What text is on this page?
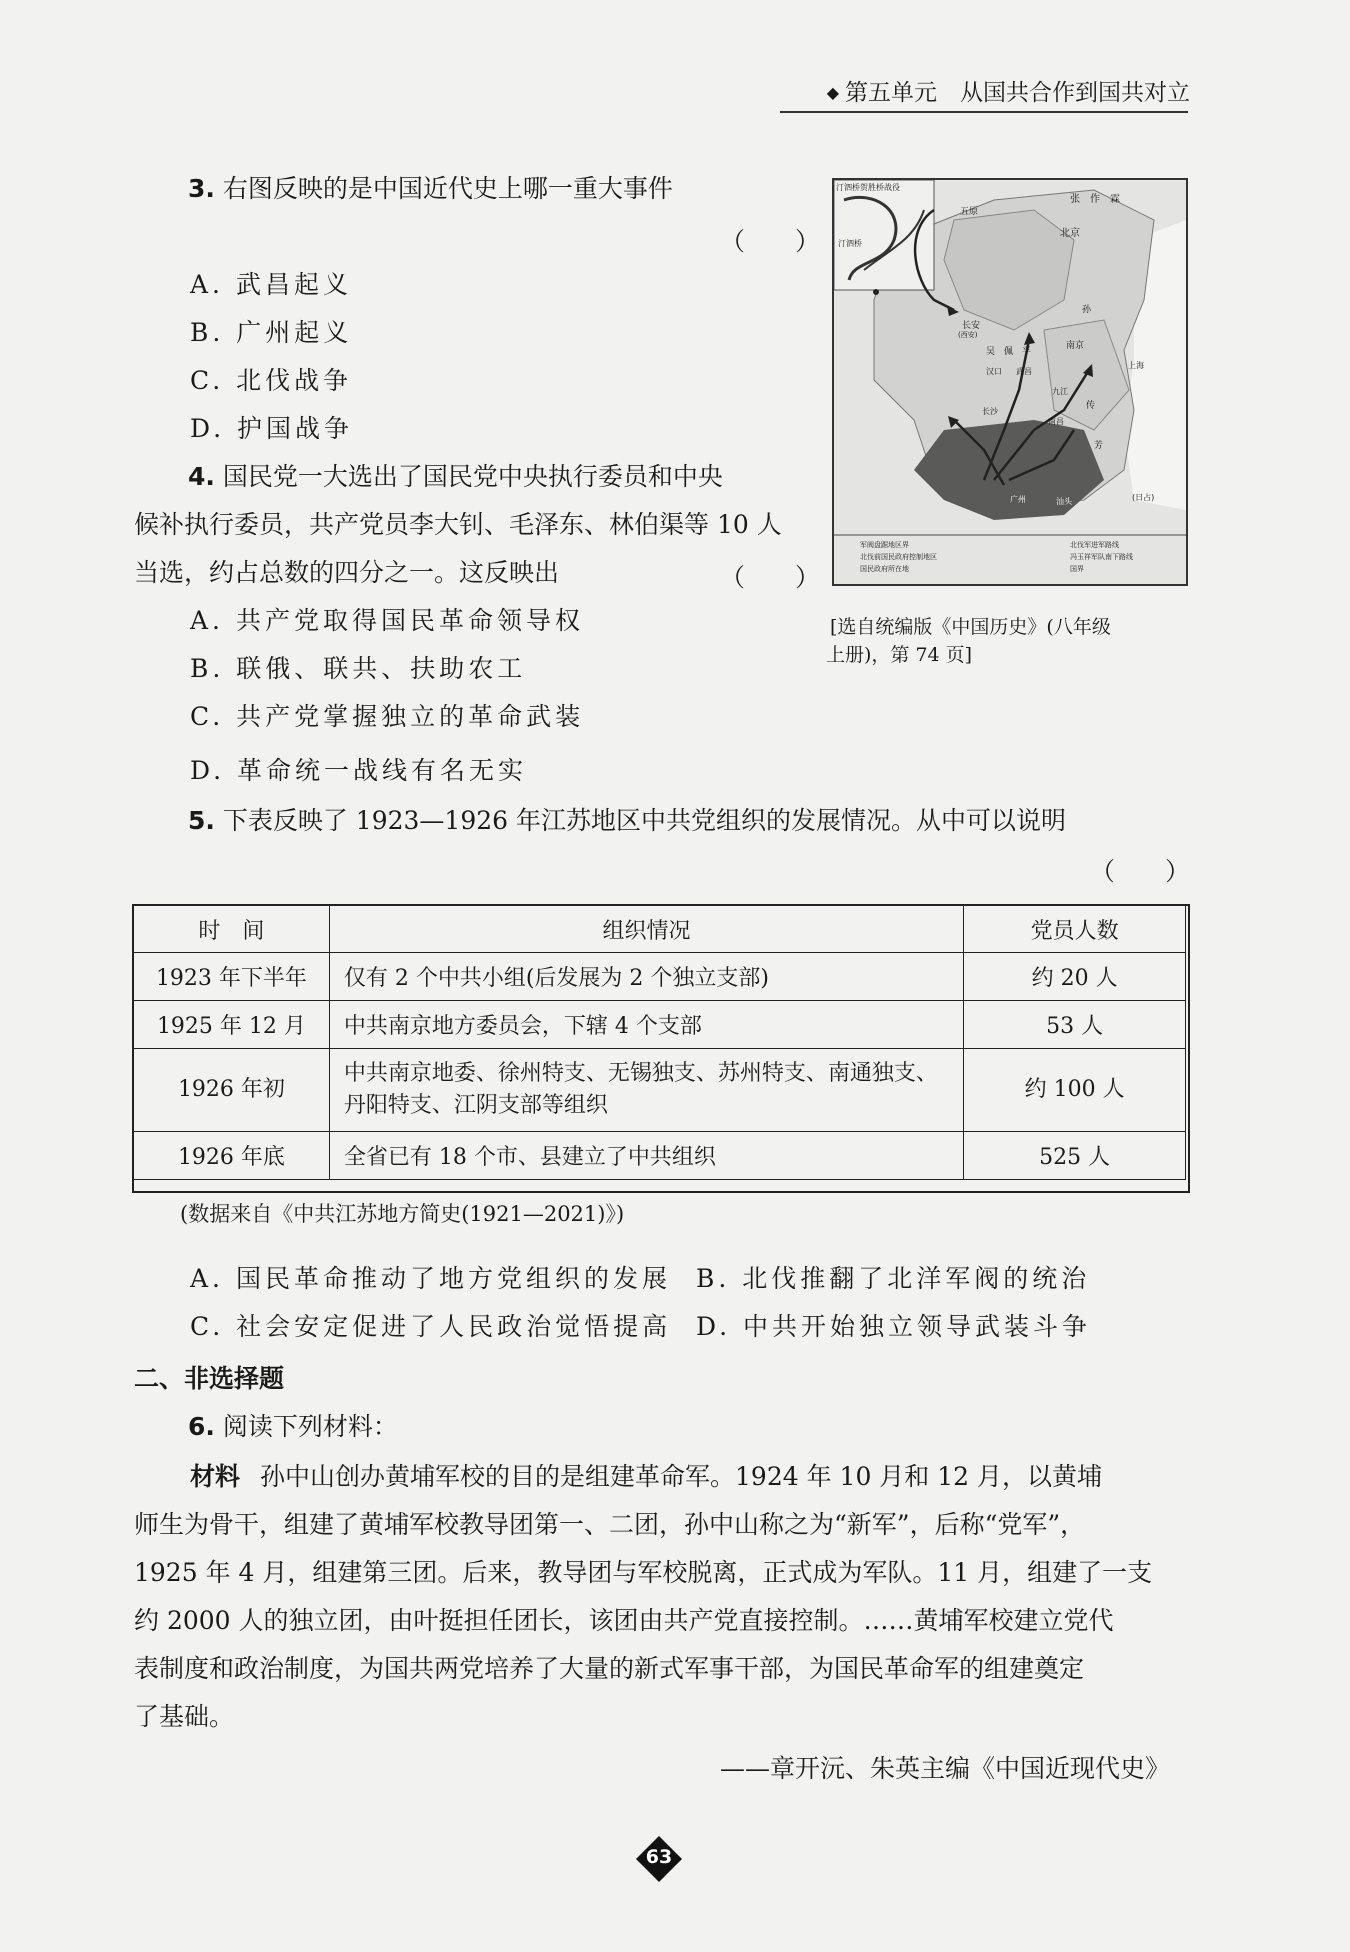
◆ 第五单元　从国共合作到国共对立
3. 右图反映的是中国近代史上哪一重大事件
（　　）
A. 武昌起义
B. 广州起义
C. 北伐战争
D. 护国战争
汀泗桥贺胜桥战役
汀泗桥
张　作　霖
北京
五原
长安
(西安)
吴　佩　孚
孙
南京
上海
汉口 武昌
九江
传
长沙
南昌
芳
广州	汕头	(日占)
军阀盘踞地区界
北伐前国民政府控制地区
国民政府所在地
北伐军进军路线
冯玉祥军队南下路线
国界
[选自统编版《中国历史》(八年级
上册)，第 74 页]
4. 国民党一大选出了国民党中央执行委员和中央
候补执行委员，共产党员李大钊、毛泽东、林伯渠等 10 人
当选，约占总数的四分之一。这反映出	（　　）
A. 共产党取得国民革命领导权
B. 联俄、联共、扶助农工
C. 共产党掌握独立的革命武装
D. 革命统一战线有名无实
5. 下表反映了 1923—1926 年江苏地区中共党组织的发展情况。从中可以说明
（　　）
时　间	组织情况	党员人数
1923 年下半年	仅有 2 个中共小组(后发展为 2 个独立支部)	约 20 人
1925 年 12 月	中共南京地方委员会，下辖 4 个支部	53 人
1926 年初	中共南京地委、徐州特支、无锡独支、苏州特支、南通独支、
丹阳特支、江阴支部等组织	约 100 人
1926 年底	全省已有 18 个市、县建立了中共组织	525 人
(数据来自《中共江苏地方简史(1921—2021)》)
A. 国民革命推动了地方党组织的发展 B. 北伐推翻了北洋军阀的统治
C. 社会安定促进了人民政治觉悟提高 D. 中共开始独立领导武装斗争
二、非选择题
6. 阅读下列材料：
材料 孙中山创办黄埔军校的目的是组建革命军。1924 年 10 月和 12 月，以黄埔
师生为骨干，组建了黄埔军校教导团第一、二团，孙中山称之为“新军”，后称“党军”，
1925 年 4 月，组建第三团。后来，教导团与军校脱离，正式成为军队。11 月，组建了一支
约 2000 人的独立团，由叶挺担任团长，该团由共产党直接控制。……黄埔军校建立党代
表制度和政治制度，为国共两党培养了大量的新式军事干部，为国民革命军的组建奠定
了基础。
——章开沅、朱英主编《中国近现代史》
63
